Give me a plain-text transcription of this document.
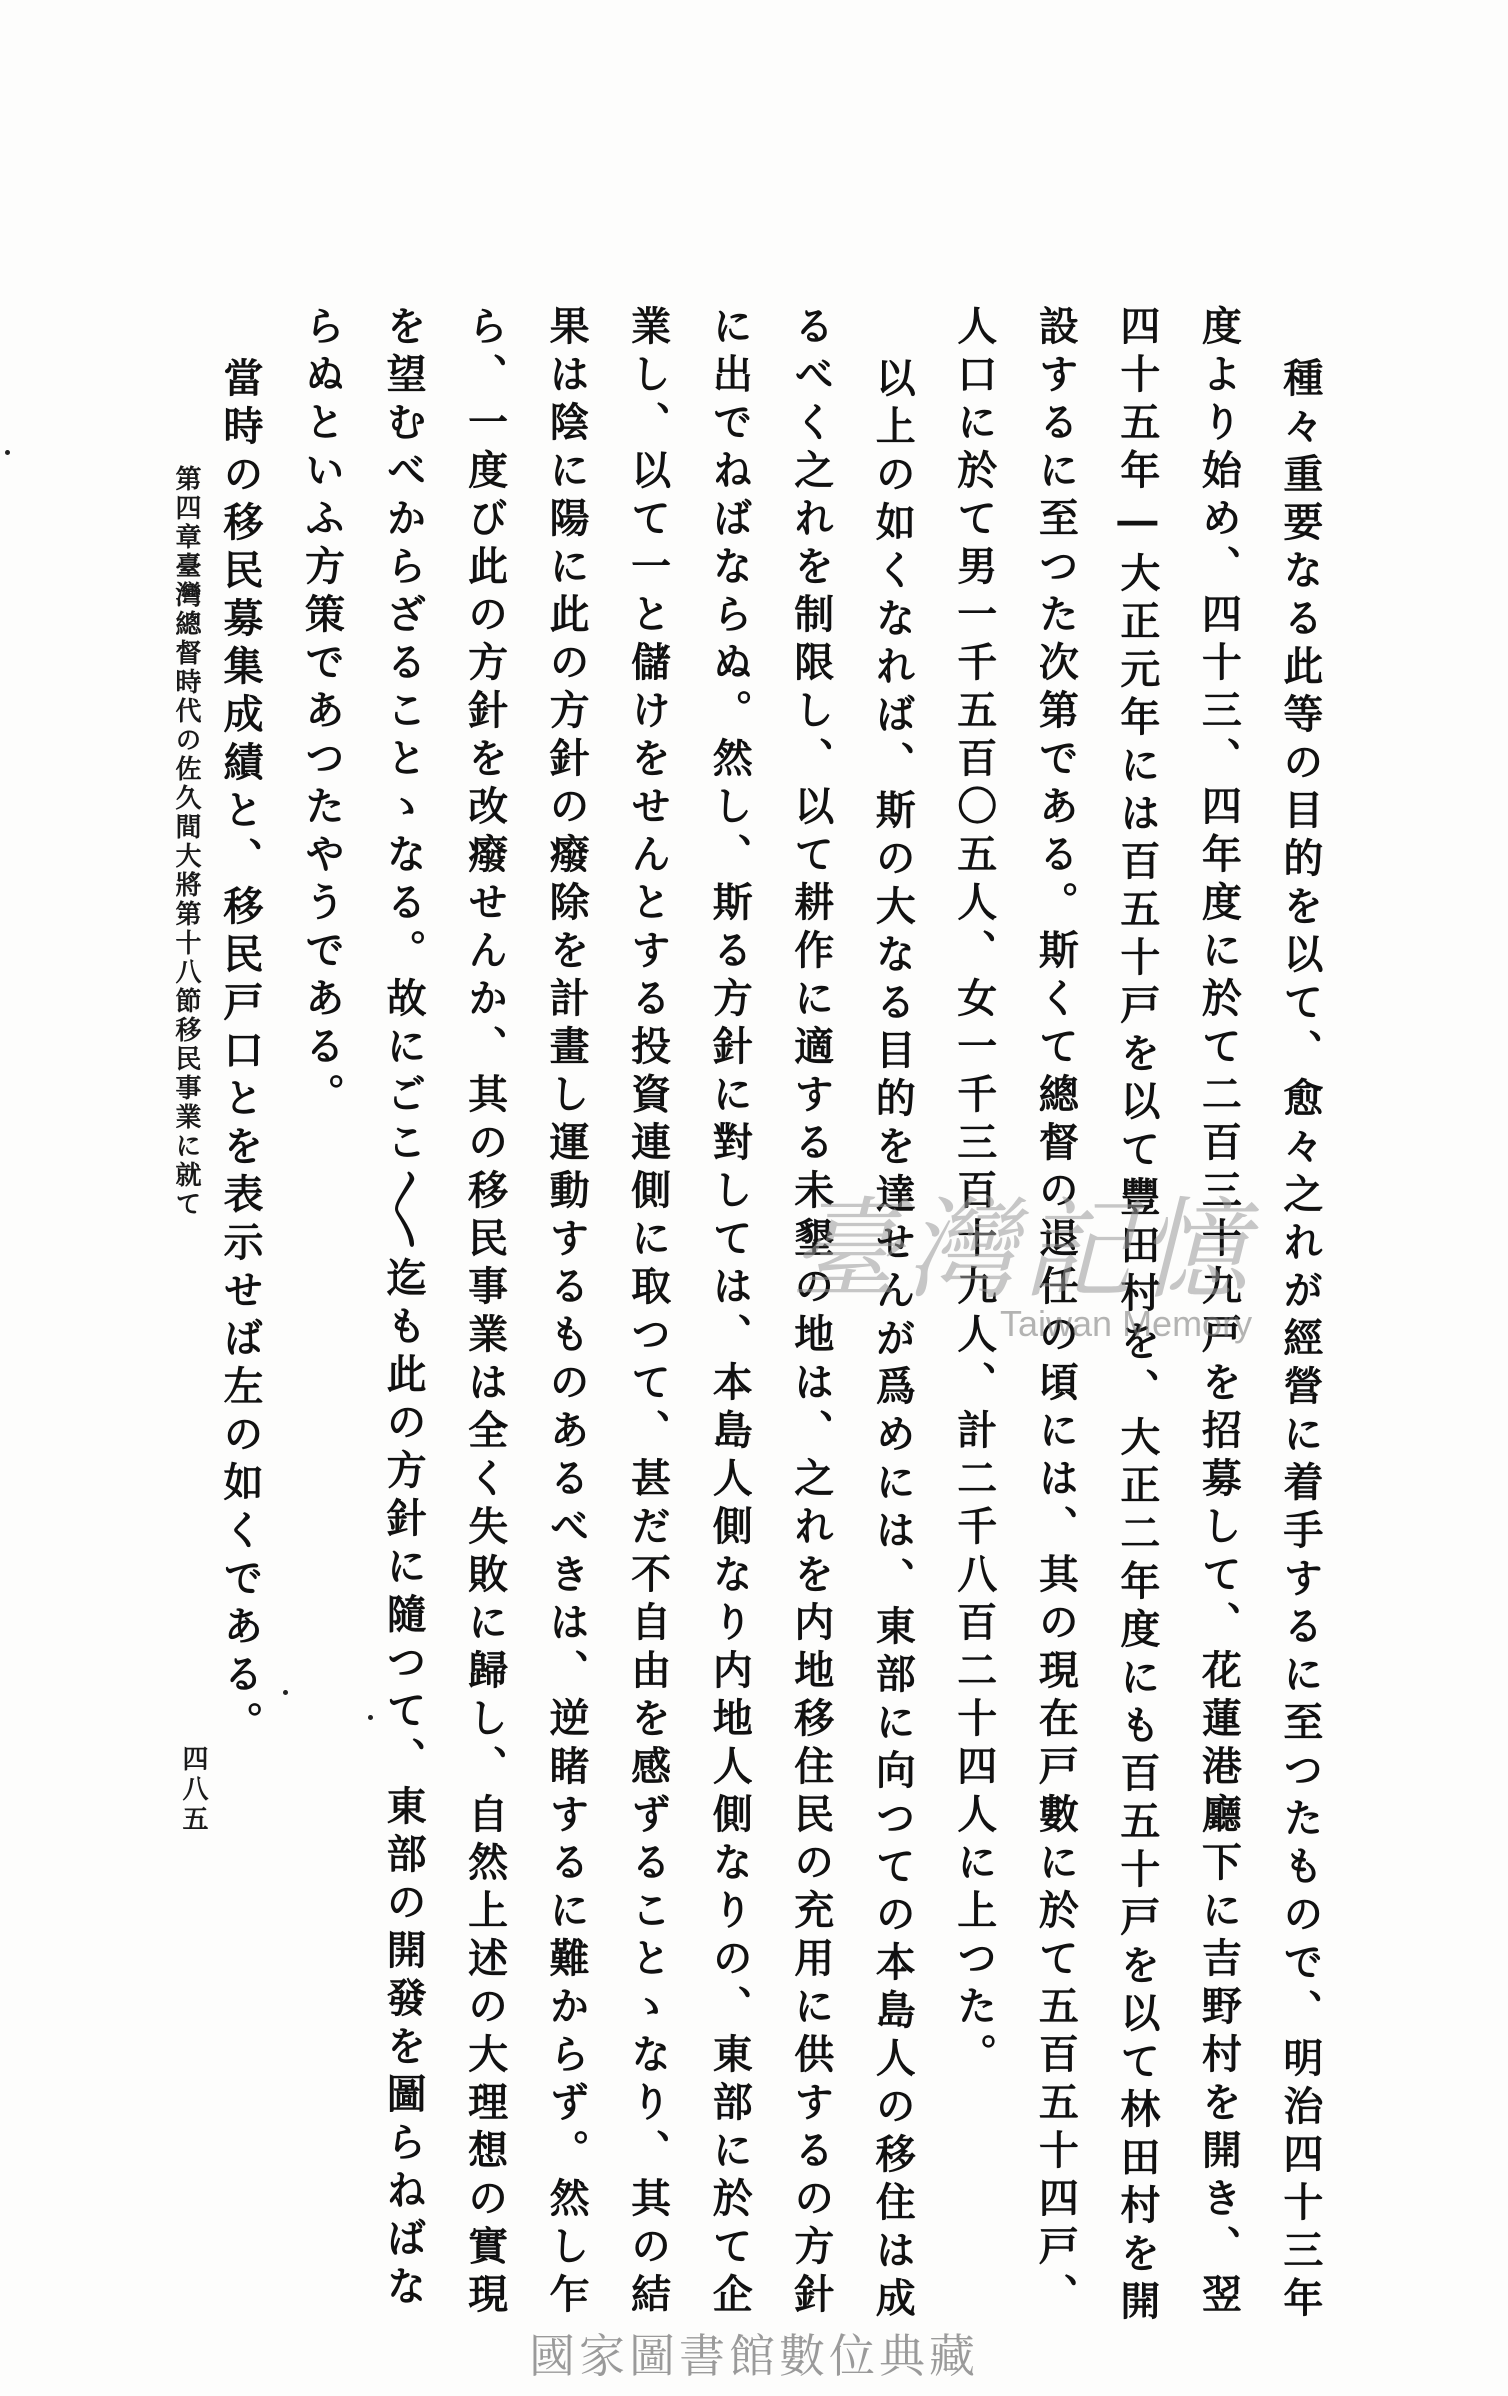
種々重要なる此等の目的を以て、愈々之れが經營に着手するに至つたもので、明治四十三年
度より始め、四十三、四年度に於て二百三十九戸を招募して、花蓮港廳下に吉野村を開き、翌
四十五年―大正元年には百五十戸を以て豐田村を、大正二年度にも百五十戸を以て林田村を開
設するに至つた次第である。斯くて總督の退任の頃には、其の現在戸數に於て五百五十四戸、
人口に於て男一千五百〇五人、女一千三百十九人、計二千八百二十四人に上つた。
以上の如くなれば、斯の大なる目的を達せんが爲めには、東部に向つての本島人の移住は成
るべく之れを制限し、以て耕作に適する未墾の地は、之れを内地移住民の充用に供するの方針
に出でねばならぬ。然し、斯る方針に對しては、本島人側なり内地人側なりの、東部に於て企
業し、以て一と儲けをせんとする投資連側に取つて、甚だ不自由を感ずることゝなり、其の結
果は陰に陽に此の方針の癈除を計畫し運動するものあるべきは、逆睹するに難からず。然し乍
ら、一度び此の方針を改癈せんか、其の移民事業は全く失敗に歸し、自然上述の大理想の實現
を望むべからざることゝなる。故にごこ〳〵迄も此の方針に隨つて、東部の開發を圖らねばな
らぬといふ方策であつたやうである。
當時の移民募集成績と、移民戸口とを表示せば左の如くである。
第四章臺灣總督時代の佐久間大將第十八節移民事業に就て
四八五
臺灣記憶
Taiwan Memory
國家圖書館數位典藏
